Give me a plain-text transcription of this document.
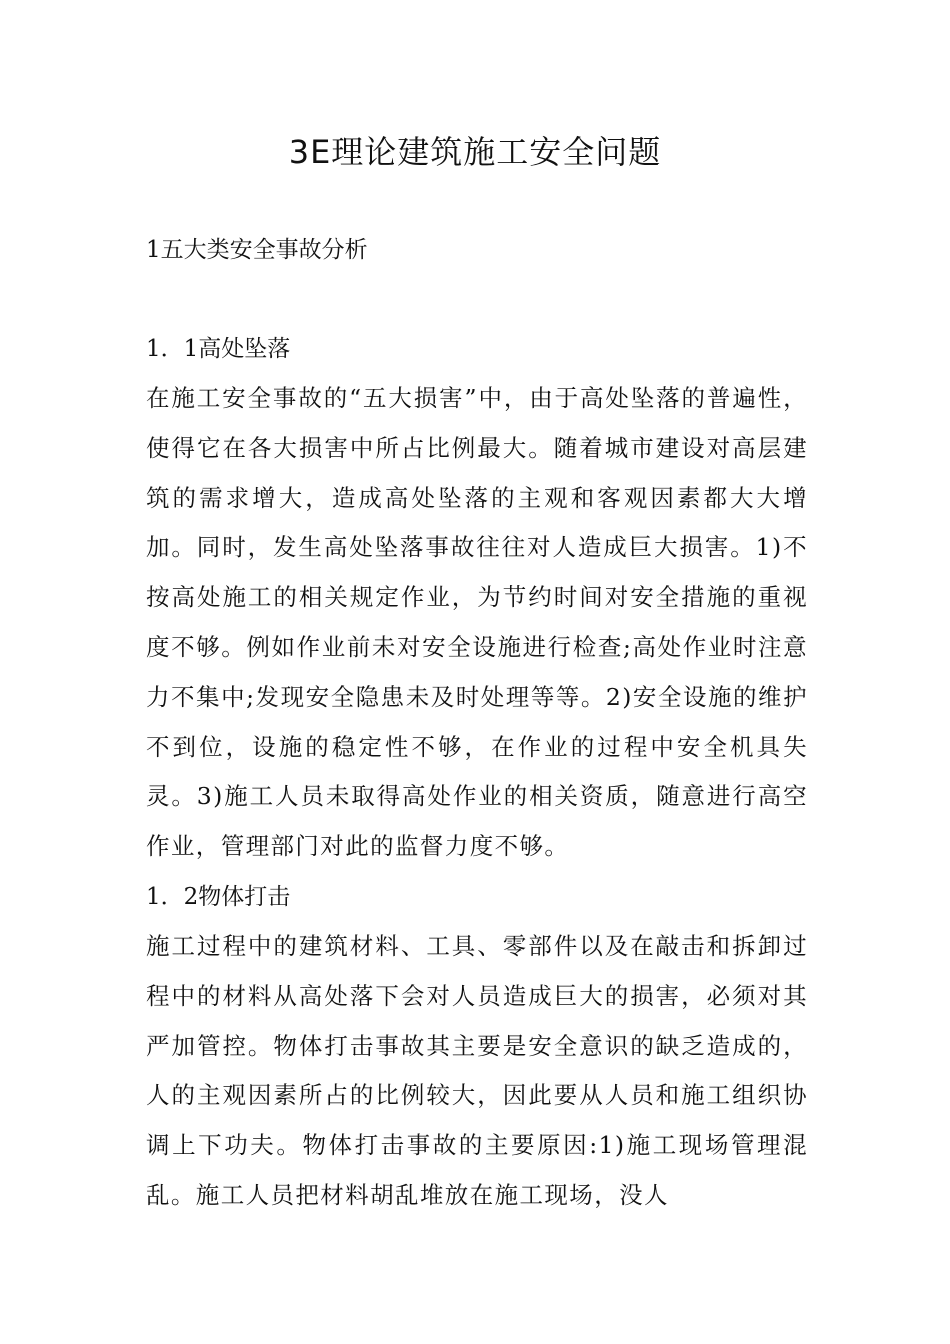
3E理论建筑施工安全问题
1五大类安全事故分析
1．1高处坠落

在施工安全事故的“五大损害”中，由于高处坠落的普遍性，使得它在各大损害中所占比例最大。随着城市建设对高层建筑的需求增大，造成高处坠落的主观和客观因素都大大增加。同时，发生高处坠落事故往往对人造成巨大损害。1)不按高处施工的相关规定作业，为节约时间对安全措施的重视度不够。例如作业前未对安全设施进行检查;高处作业时注意力不集中;发现安全隐患未及时处理等等。2)安全设施的维护不到位，设施的稳定性不够，在作业的过程中安全机具失灵。3)施工人员未取得高处作业的相关资质，随意进行高空作业，管理部门对此的监督力度不够。

1．2物体打击

施工过程中的建筑材料、工具、零部件以及在敲击和拆卸过程中的材料从高处落下会对人员造成巨大的损害，必须对其严加管控。物体打击事故其主要是安全意识的缺乏造成的，人的主观因素所占的比例较大，因此要从人员和施工组织协调上下功夫。物体打击事故的主要原因:1)施工现场管理混乱。施工人员把材料胡乱堆放在施工现场，没人
